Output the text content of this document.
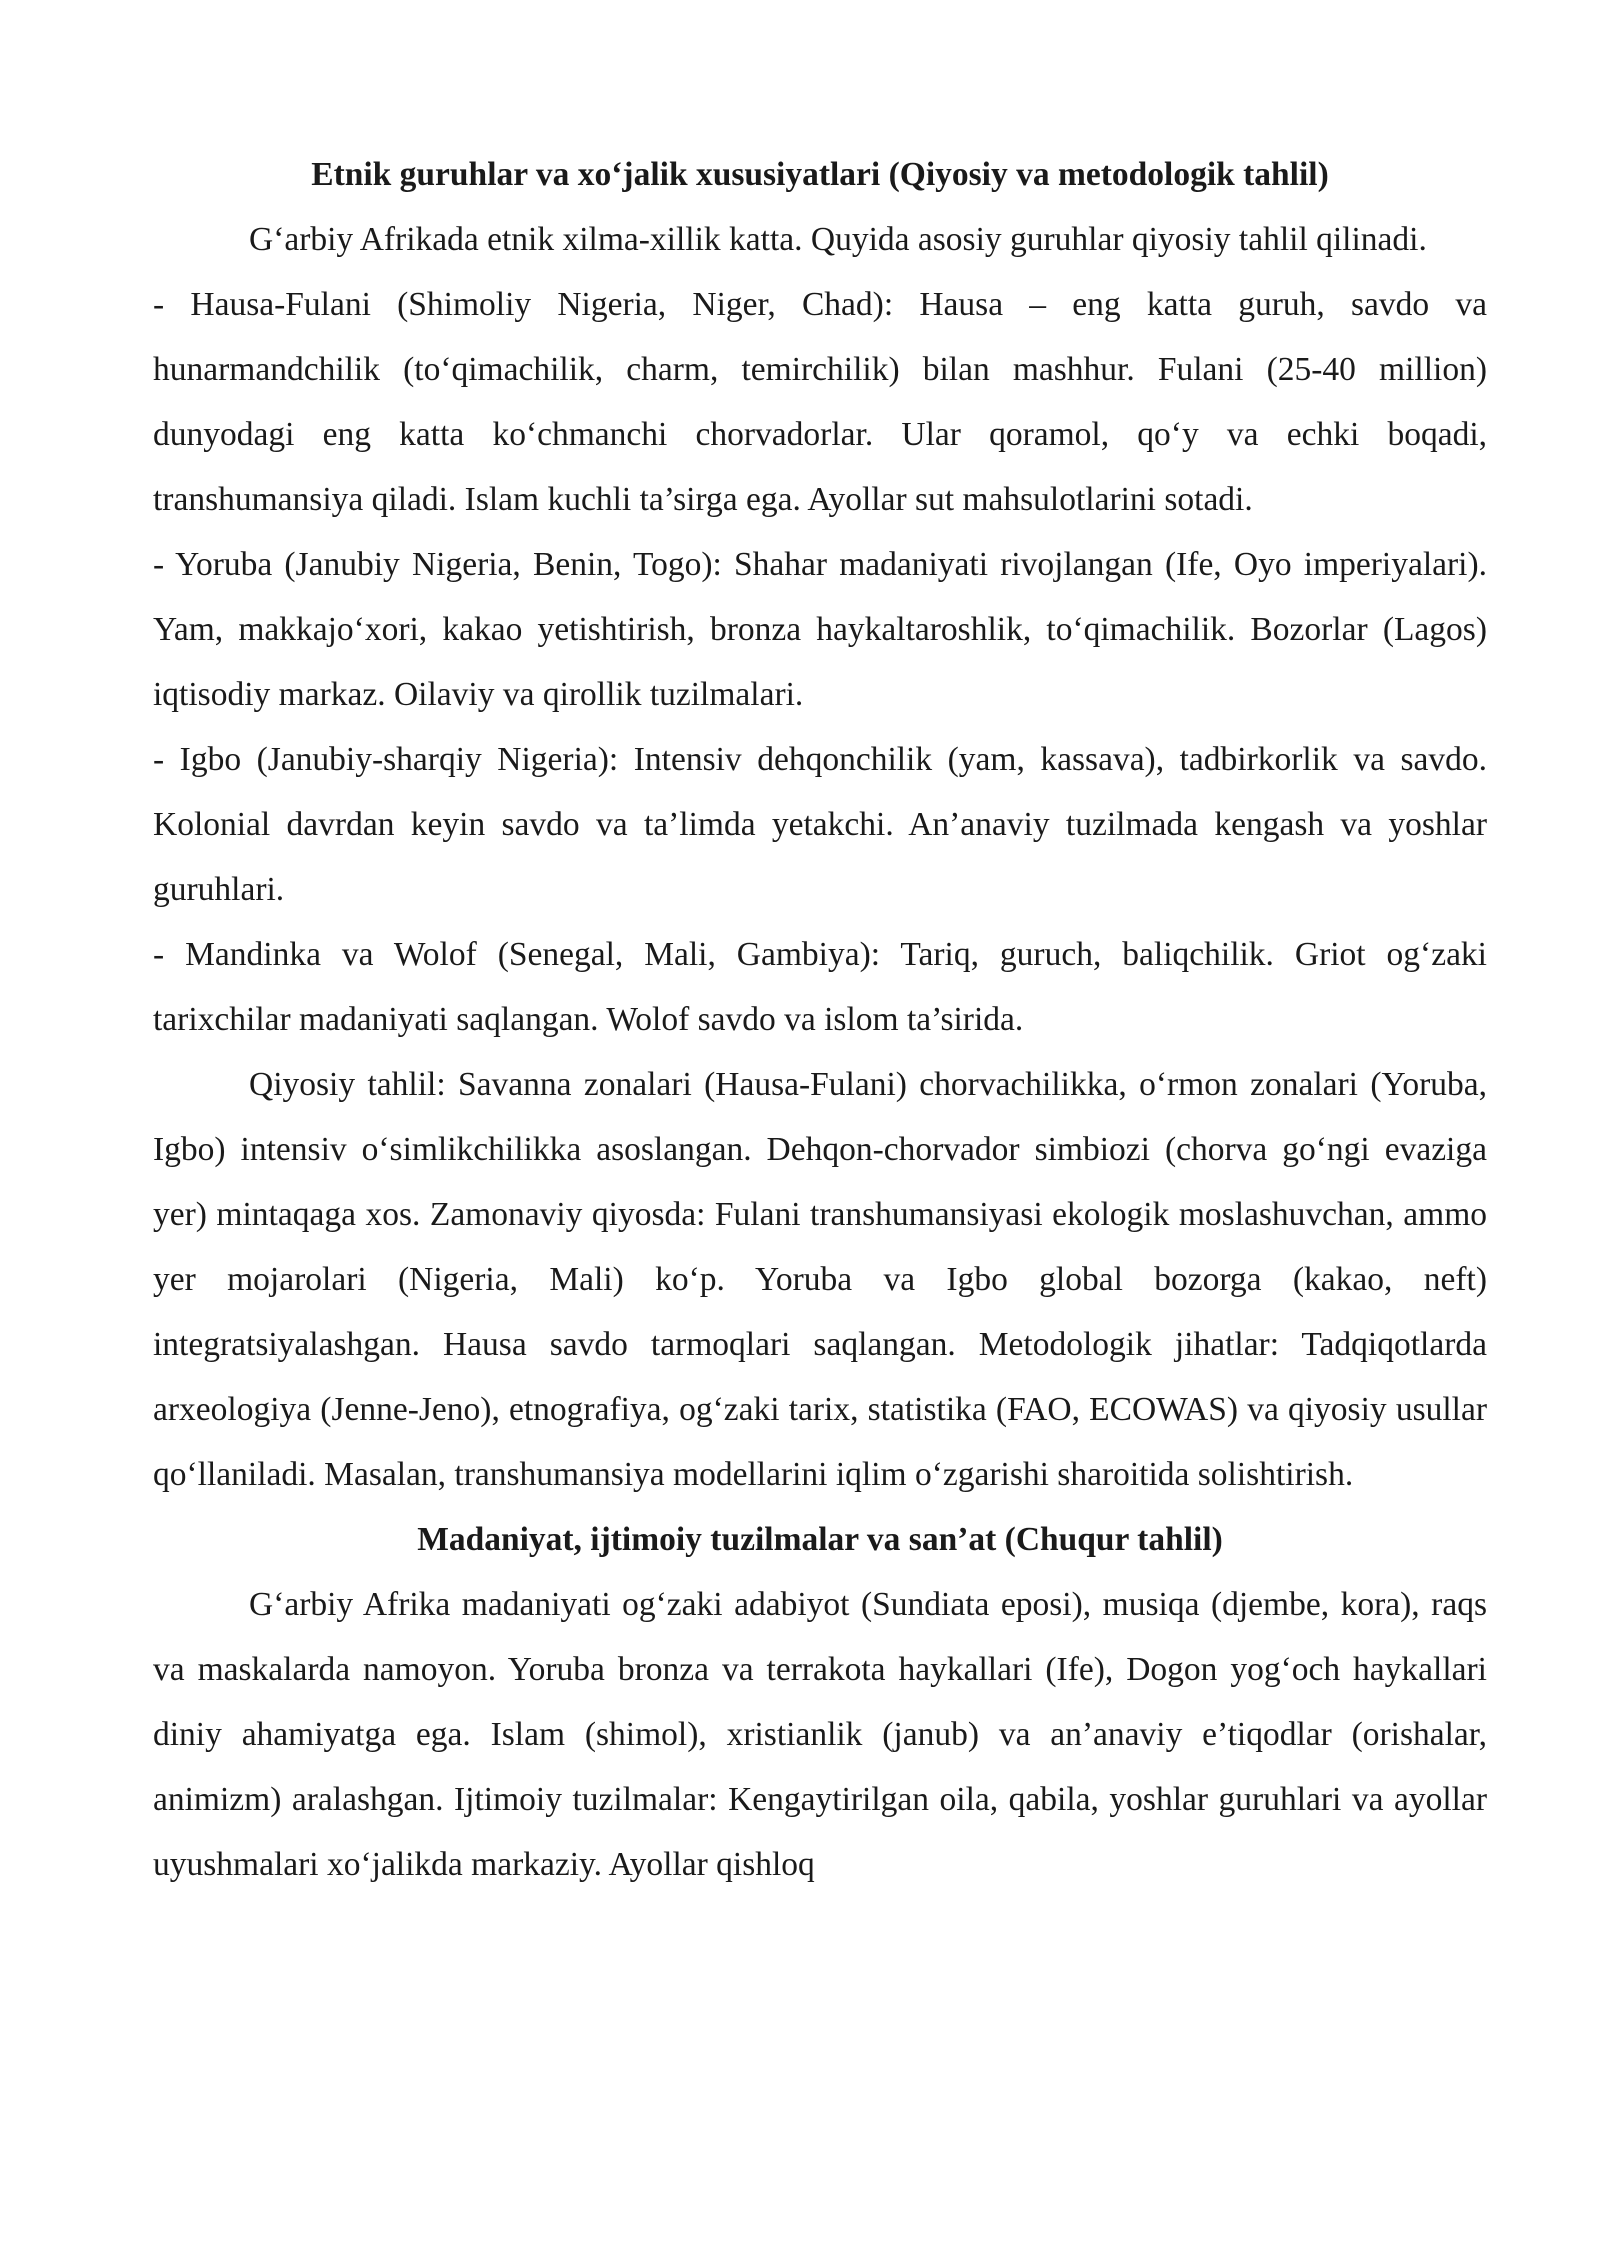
Etnik guruhlar va xo‘jalik xususiyatlari (Qiyosiy va metodologik tahlil)

G‘arbiy Afrikada etnik xilma-xillik katta. Quyida asosiy guruhlar qiyosiy tahlil qilinadi.

- Hausa-Fulani (Shimoliy Nigeria, Niger, Chad): Hausa – eng katta guruh, savdo va hunarmandchilik (to‘qimachilik, charm, temirchilik) bilan mashhur. Fulani (25-40 million) dunyodagi eng katta ko‘chmanchi chorvadorlar. Ular qoramol, qo‘y va echki boqadi, transhumansiya qiladi. Islam kuchli ta’sirga ega. Ayollar sut mahsulotlarini sotadi.

- Yoruba (Janubiy Nigeria, Benin, Togo): Shahar madaniyati rivojlangan (Ife, Oyo imperiyalari). Yam, makkajo‘xori, kakao yetishtirish, bronza haykaltaroshlik, to‘qimachilik. Bozorlar (Lagos) iqtisodiy markaz. Oilaviy va qirollik tuzilmalari.

- Igbo (Janubiy-sharqiy Nigeria): Intensiv dehqonchilik (yam, kassava), tadbirkorlik va savdo. Kolonial davrdan keyin savdo va ta’limda yetakchi. An’anaviy tuzilmada kengash va yoshlar guruhlari.

- Mandinka va Wolof (Senegal, Mali, Gambiya): Tariq, guruch, baliqchilik. Griot og‘zaki tarixchilar madaniyati saqlangan. Wolof savdo va islom ta’sirida.

Qiyosiy tahlil: Savanna zonalari (Hausa-Fulani) chorvachilikka, o‘rmon zonalari (Yoruba, Igbo) intensiv o‘simlikchilikka asoslangan. Dehqon-chorvador simbiozi (chorva go‘ngi evaziga yer) mintaqaga xos. Zamonaviy qiyosda: Fulani transhumansiyasi ekologik moslashuvchan, ammo yer mojarolari (Nigeria, Mali) ko‘p. Yoruba va Igbo global bozorga (kakao, neft) integratsiyalashgan. Hausa savdo tarmoqlari saqlangan. Metodologik jihatlar: Tadqiqotlarda arxeologiya (Jenne-Jeno), etnografiya, og‘zaki tarix, statistika (FAO, ECOWAS) va qiyosiy usullar qo‘llaniladi. Masalan, transhumansiya modellarini iqlim o‘zgarishi sharoitida solishtirish.

Madaniyat, ijtimoiy tuzilmalar va san’at (Chuqur tahlil)

G‘arbiy Afrika madaniyati og‘zaki adabiyot (Sundiata eposi), musiqa (djembe, kora), raqs va maskalarda namoyon. Yoruba bronza va terrakota haykallari (Ife), Dogon yog‘och haykallari diniy ahamiyatga ega. Islam (shimol), xristianlik (janub) va an’anaviy e’tiqodlar (orishalar, animizm) aralashgan. Ijtimoiy tuzilmalar: Kengaytirilgan oila, qabila, yoshlar guruhlari va ayollar uyushmalari xo‘jalikda markaziy. Ayollar qishloq
